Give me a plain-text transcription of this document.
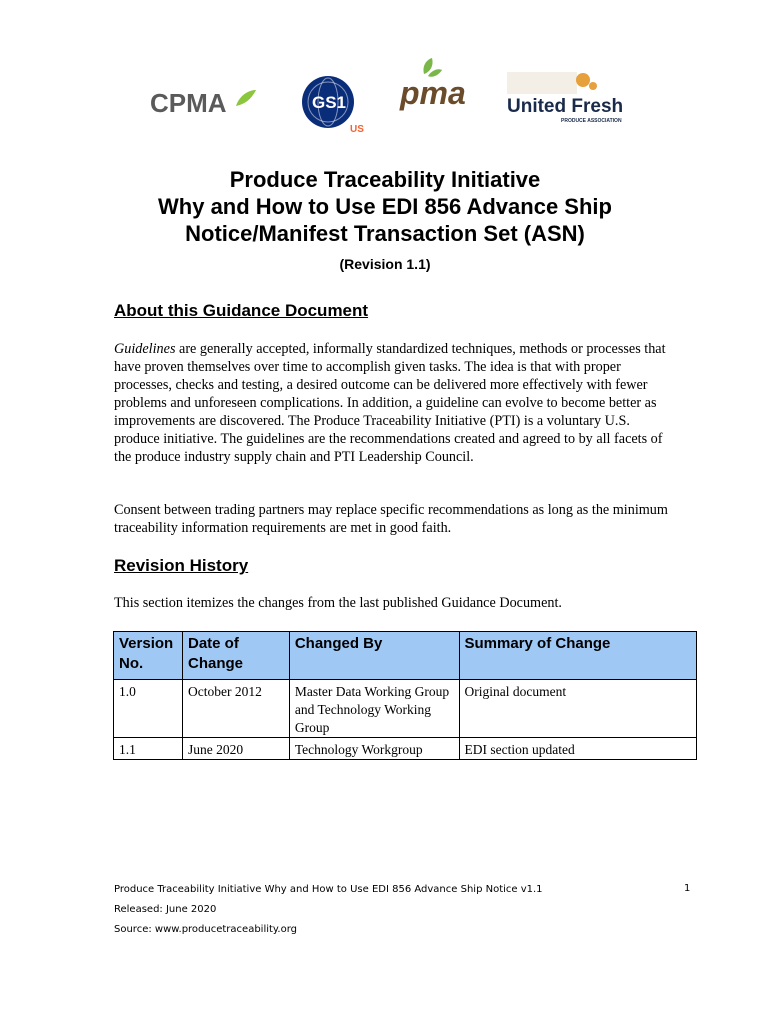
CPMA	GS1
US
pma United Fresh
PRODUCE ASSOCIATION
Produce Traceability Initiative
Why and How to Use EDI 856 Advance Ship
Notice/Manifest Transaction Set (ASN)
(Revision 1.1)
About this Guidance Document
Guidelines are generally accepted, informally standardized techniques, methods or processes that have proven themselves over time to accomplish given tasks. The idea is that with proper processes, checks and testing, a desired outcome can be delivered more effectively with fewer problems and unforeseen complications. In addition, a guideline can evolve to become better as improvements are discovered. The Produce Traceability Initiative (PTI) is a voluntary U.S. produce initiative. The guidelines are the recommendations created and agreed to by all facets of the produce industry supply chain and PTI Leadership Council.
Consent between trading partners may replace specific recommendations as long as the minimum traceability information requirements are met in good faith.
Revision History
This section itemizes the changes from the last published Guidance Document.
Version No.	Date of Change	Changed By	Summary of Change
1.0	October 2012	Master Data Working Group and Technology Working Group	Original document
1.1	June 2020	Technology Workgroup	EDI section updated
Produce Traceability Initiative Why and How to Use EDI 856 Advance Ship Notice v1.1
Released: June 2020
Source: www.producetraceability.org
1
